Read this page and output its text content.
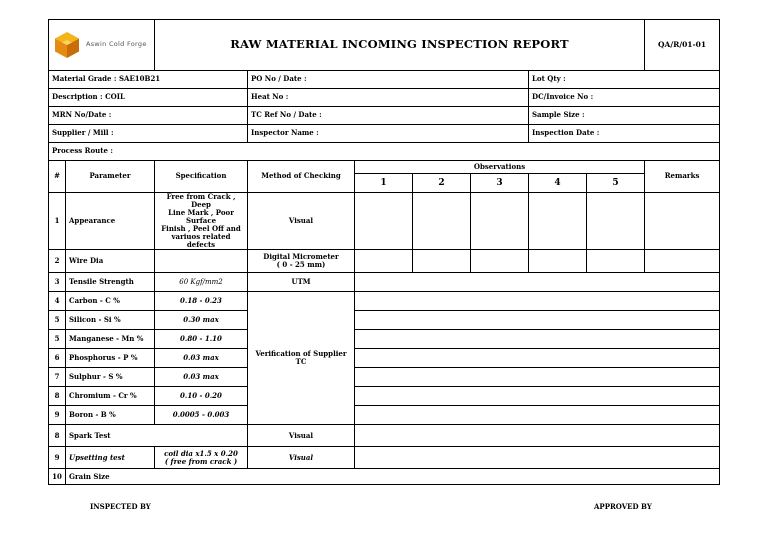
Aswin Cold Forge		RAW MATERIAL INCOMING INSPECTION REPORT							QA/R/01-01
Material Grade : SAE10B21			PO No / Date :				Lot Qty :		
Description : COIL			Heat No :				DC/Invoice No :		
MRN No/Date :			TC Ref No / Date :				Sample Size :		
Supplier / Mill :			Inspector Name :				Inspection Date :		
Process Route :									
#	Parameter	Specification	Method of Checking	Observations					Remarks
				1	2	3	4	5	
1	Appearance	Free from Crack , Deep
Line Mark , Poor Surface
Finish , Peel Off and
variuos related defects	Visual						
2	Wire Dia		Digital Micrometer
( 0 - 25 mm)						

3	Tensile Strength	60 Kgf/mm2	UTM						
4	Carbon - C %	0.18 - 0.23	Verification of Supplier TC						
5	Silicon - Si %	0.30 max							
5	Manganese - Mn %	0.80 - 1.10							
6	Phosphorus - P %	0.03 max							
7	Sulphur - S %	0.03 max							
8	Chromium - Cr %	0.10 - 0.20							
9	Boron - B %	0.0005 - 0.003							
8	Spark Test		Visual						
9	Upsetting test	coil dia x1.5 x 0.20
( free from crack )	Visual						
10	Grain Size								
INSPECTED BY	APPROVED BY
